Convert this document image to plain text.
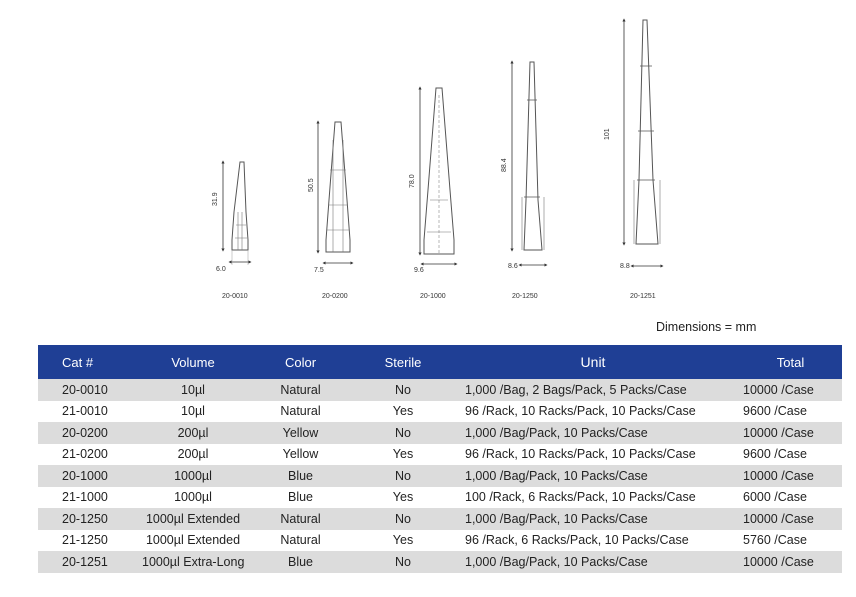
31.9
6.0
20-0010
50.5
7.5
20-0200
78.0
9.6
20-1000
88.4
8.6
20-1250
101
8.8
20-1251
Dimensions = mm
Cat #	Volume	Color	Sterile	Unit	Total
20-0010	10µl	Natural	No	1,000 /Bag, 2 Bags/Pack, 5 Packs/Case	10000 /Case
21-0010	10µl	Natural	Yes	96 /Rack, 10 Racks/Pack, 10 Packs/Case	9600 /Case
20-0200	200µl	Yellow	No	1,000 /Bag/Pack, 10 Packs/Case	10000 /Case
21-0200	200µl	Yellow	Yes	96 /Rack, 10 Racks/Pack, 10 Packs/Case	9600 /Case
20-1000	1000µl	Blue	No	1,000 /Bag/Pack, 10 Packs/Case	10000 /Case
21-1000	1000µl	Blue	Yes	100 /Rack, 6 Racks/Pack, 10 Packs/Case	6000 /Case
20-1250	1000µl Extended	Natural	No	1,000 /Bag/Pack, 10 Packs/Case	10000 /Case
21-1250	1000µl Extended	Natural	Yes	96 /Rack, 6 Racks/Pack, 10 Packs/Case	5760 /Case
20-1251	1000µl Extra-Long	Blue	No	1,000 /Bag/Pack, 10 Packs/Case	10000 /Case
